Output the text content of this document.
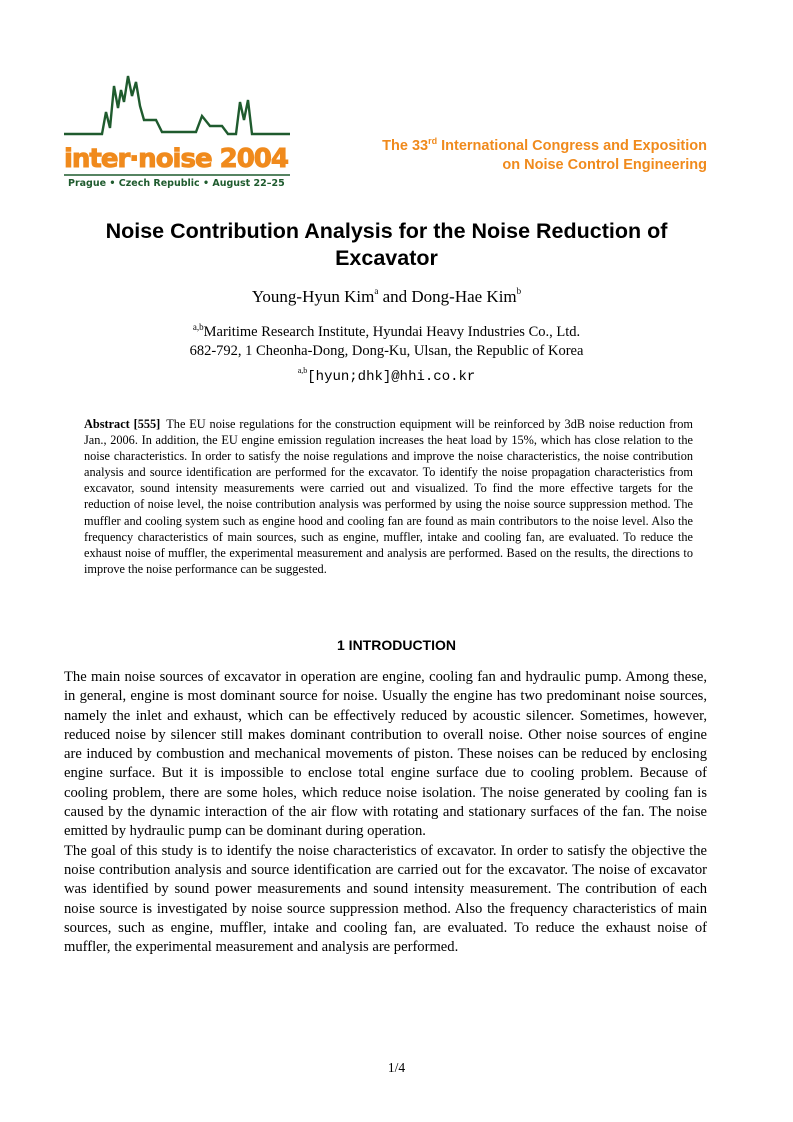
inter·noise 2004
Prague • Czech Republic • August 22–25
The 33rd International Congress and Exposition
on Noise Control Engineering
Noise Contribution Analysis for the Noise Reduction of Excavator
Young-Hyun Kim$^a$ and Dong-Hae Kim$^b$
$^{a,b}$Maritime Research Institute, Hyundai Heavy Industries Co., Ltd.
682-792, 1 Cheonha-Dong, Dong-Ku, Ulsan, the Republic of Korea
$^{a,b}$[hyun;dhk]@hhi.co.kr
Abstract [555] The EU noise regulations for the construction equipment will be reinforced by 3dB noise reduction from Jan., 2006. In addition, the EU engine emission regulation increases the heat load by 15%, which has close relation to the noise characteristics. In order to satisfy the noise regulations and improve the noise characteristics, the noise contribution analysis and source identification are performed for the excavator. To identify the noise propagation characteristics from excavator, sound intensity measurements were carried out and visualized. To find the more effective targets for the reduction of noise level, the noise contribution analysis was performed by using the noise source suppression method. The muffler and cooling system such as engine hood and cooling fan are found as main contributors to the noise level. Also the frequency characteristics of main sources, such as engine, muffler, intake and cooling fan, are evaluated. To reduce the exhaust noise of muffler, the experimental measurement and analysis are performed. Based on the results, the directions to improve the noise performance can be suggested.
1 INTRODUCTION

The main noise sources of excavator in operation are engine, cooling fan and hydraulic pump. Among these, in general, engine is most dominant source for noise. Usually the engine has two predominant noise sources, namely the inlet and exhaust, which can be effectively reduced by acoustic silencer. Sometimes, however, reduced noise by silencer still makes dominant contribution to overall noise. Other noise sources of engine are induced by combustion and mechanical movements of piston. These noises can be reduced by enclosing engine surface. But it is impossible to enclose total engine surface due to cooling problem. Because of cooling problem, there are some holes, which reduce noise isolation. The noise generated by cooling fan is caused by the dynamic interaction of the air flow with rotating and stationary surfaces of the fan. The noise emitted by hydraulic pump can be dominant during operation.

The goal of this study is to identify the noise characteristics of excavator. In order to satisfy the objective the noise contribution analysis and source identification are carried out for the excavator. The noise of excavator was identified by sound power measurements and sound intensity measurement. The contribution of each noise source is investigated by noise source suppression method. Also the frequency characteristics of main sources, such as engine, muffler, intake and cooling fan, are evaluated. To reduce the exhaust noise of muffler, the experimental measurement and analysis are performed.

1/4
